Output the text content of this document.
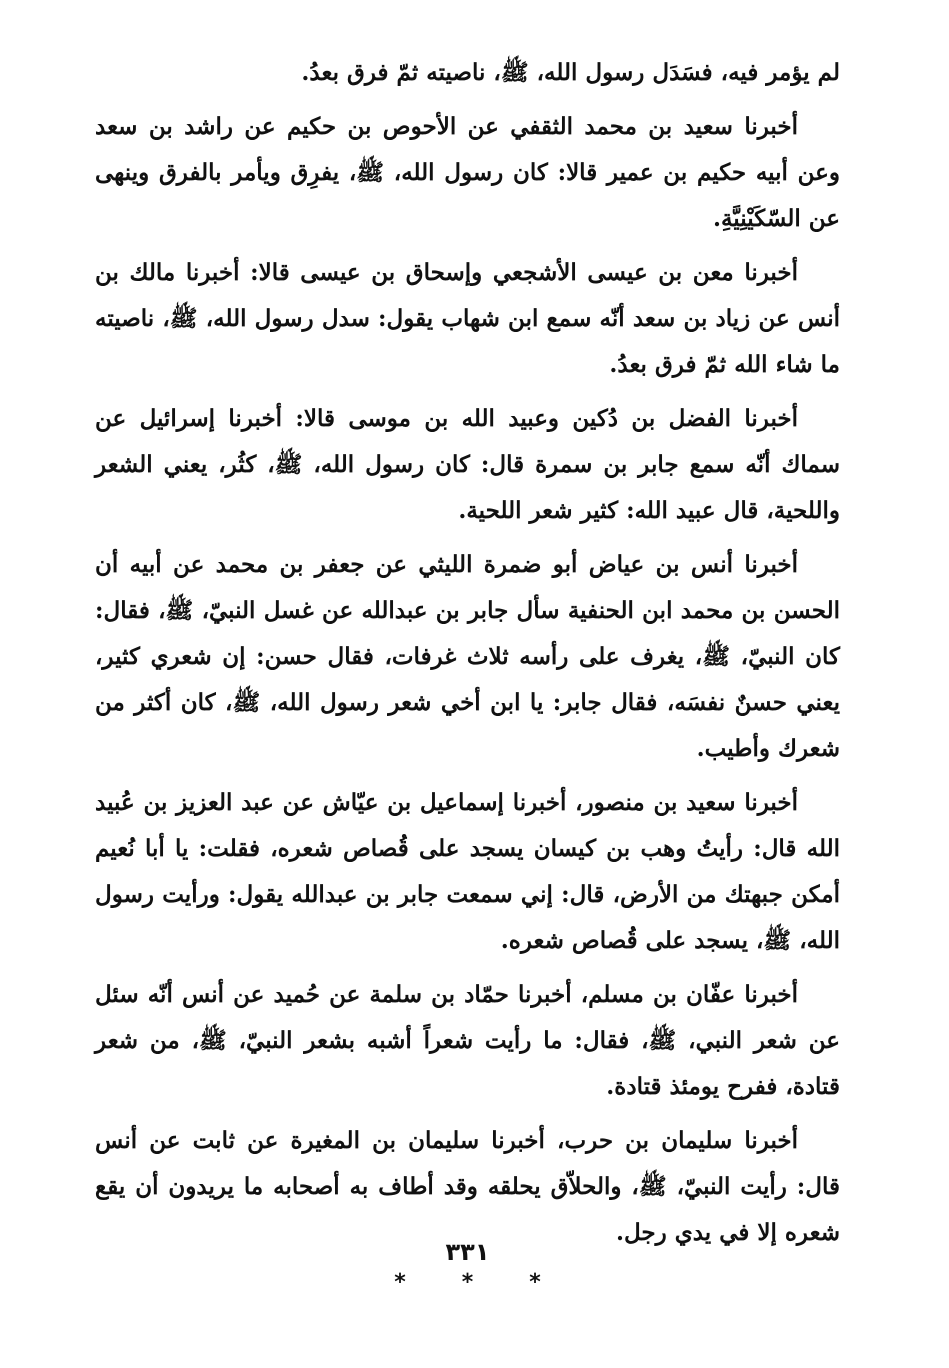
لم يؤمر فيه، فسَدَل رسول الله، ﷺ، ناصيته ثمّ فرق بعدُ.

أخبرنا سعيد بن محمد الثقفي عن الأحوص بن حكيم عن راشد بن سعد وعن أبيه حكيم بن عمير قالا: كان رسول الله، ﷺ، يفرِق ويأمر بالفرق وينهى عن السّكَيْنِيَّةِ.

أخبرنا معن بن عيسى الأشجعي وإسحاق بن عيسى قالا: أخبرنا مالك بن أنس عن زياد بن سعد أنّه سمع ابن شهاب يقول: سدل رسول الله، ﷺ، ناصيته ما شاء الله ثمّ فرق بعدُ.

أخبرنا الفضل بن دُكين وعبيد الله بن موسى قالا: أخبرنا إسرائيل عن سماك أنّه سمع جابر بن سمرة قال: كان رسول الله، ﷺ، كثُر، يعني الشعر واللحية، قال عبيد الله: كثير شعر اللحية.

أخبرنا أنس بن عياض أبو ضمرة الليثي عن جعفر بن محمد عن أبيه أن الحسن بن محمد ابن الحنفية سأل جابر بن عبدالله عن غسل النبيّ، ﷺ، فقال: كان النبيّ، ﷺ، يغرف على رأسه ثلاث غرفات، فقال حسن: إن شعري كثير، يعني حسنٌ نفسَه، فقال جابر: يا ابن أخي شعر رسول الله، ﷺ، كان أكثر من شعرك وأطيب.

أخبرنا سعيد بن منصور، أخبرنا إسماعيل بن عيّاش عن عبد العزيز بن عُبيد الله قال: رأيتُ وهب بن كيسان يسجد على قُصاص شعره، فقلت: يا أبا نُعيم أمكن جبهتك من الأرض، قال: إني سمعت جابر بن عبدالله يقول: ورأيت رسول الله، ﷺ، يسجد على قُصاص شعره.

أخبرنا عفّان بن مسلم، أخبرنا حمّاد بن سلمة عن حُميد عن أنس أنّه سئل عن شعر النبي، ﷺ، فقال: ما رأيت شعراً أشبه بشعر النبيّ، ﷺ، من شعر قتادة، ففرح يومئذ قتادة.

أخبرنا سليمان بن حرب، أخبرنا سليمان بن المغيرة عن ثابت عن أنس قال: رأيت النبيّ، ﷺ، والحلاّق يحلقه وقد أطاف به أصحابه ما يريدون أن يقع شعره إلا في يدي رجل.

*	*	*
٣٣١
